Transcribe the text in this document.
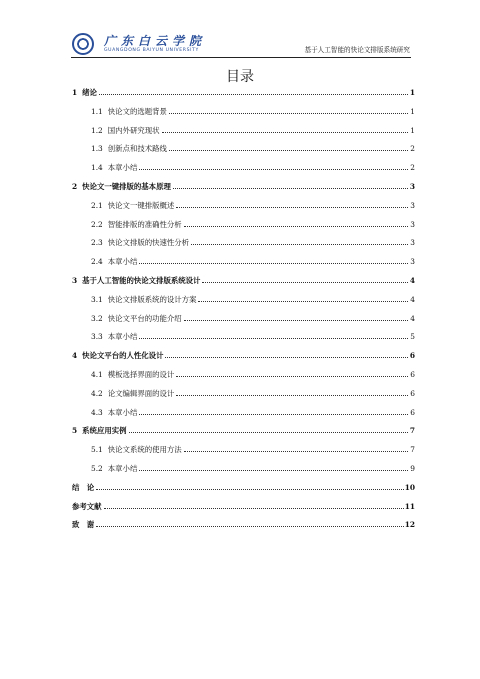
广东白云学院
GUANGDONG BAIYUN UNIVERSITY	基于人工智能的快论文排版系统研究
目录
1 绪论	1
1.1 快论文的选题背景	1
1.2 国内外研究现状	1
1.3 创新点和技术路线	2
1.4 本章小结	2
2 快论文一键排版的基本原理	3
2.1 快论文一键排版概述	3
2.2 智能排版的准确性分析	3
2.3 快论文排版的快速性分析	3
2.4 本章小结	3
3 基于人工智能的快论文排版系统设计	4
3.1 快论文排版系统的设计方案	4
3.2 快论文平台的功能介绍	4
3.3 本章小结	5
4 快论文平台的人性化设计	6
4.1 模板选择界面的设计	6
4.2 论文编辑界面的设计	6
4.3 本章小结	6
5 系统应用实例	7
5.1 快论文系统的使用方法	7
5.2 本章小结	9
结　论	10
参考文献	11
致　谢	12
